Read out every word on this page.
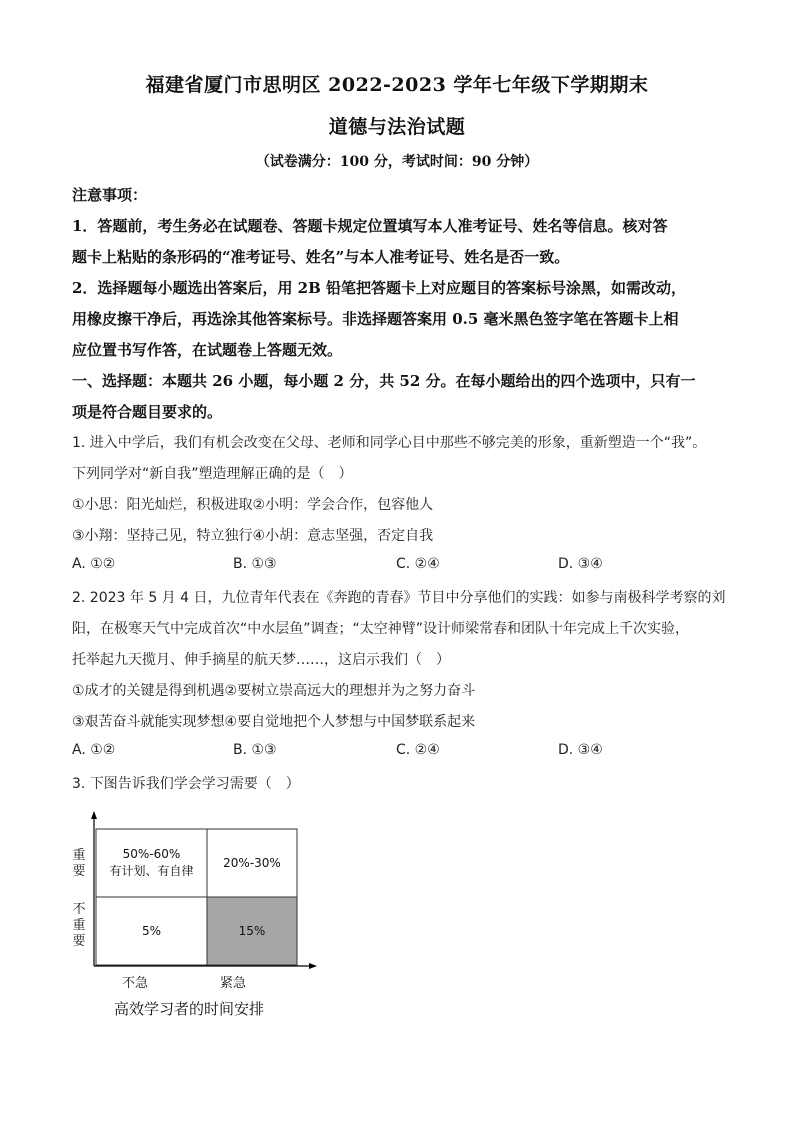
福建省厦门市思明区 2022-2023 学年七年级下学期期末
道德与法治试题
（试卷满分：100 分，考试时间：90 分钟）
注意事项：
1．答题前，考生务必在试题卷、答题卡规定位置填写本人准考证号、姓名等信息。核对答
题卡上粘贴的条形码的“准考证号、姓名”与本人准考证号、姓名是否一致。
2．选择题每小题选出答案后，用 2B 铅笔把答题卡上对应题目的答案标号涂黑，如需改动，
用橡皮擦干净后，再选涂其他答案标号。非选择题答案用 0.5 毫米黑色签字笔在答题卡上相
应位置书写作答，在试题卷上答题无效。
一、选择题：本题共 26 小题，每小题 2 分，共 52 分。在每小题给出的四个选项中，只有一
项是符合题目要求的。
1. 进入中学后，我们有机会改变在父母、老师和同学心目中那些不够完美的形象，重新塑造一个“我”。
下列同学对“新自我”塑造理解正确的是（　）
①小思：阳光灿烂，积极进取②小明：学会合作，包容他人
③小翔：坚持己见，特立独行④小胡：意志坚强，否定自我
A. ①②	B. ①③	C. ②④	D. ③④
2. 2023 年 5 月 4 日，九位青年代表在《奔跑的青春》节目中分享他们的实践：如参与南极科学考察的刘
阳，在极寒天气中完成首次“中水层鱼”调查；“太空神臂”设计师梁常春和团队十年完成上千次实验，
托举起九天揽月、伸手摘星的航天梦……，这启示我们（　）
①成才的关键是得到机遇②要树立崇高远大的理想并为之努力奋斗
③艰苦奋斗就能实现梦想④要自觉地把个人梦想与中国梦联系起来
A. ①②	B. ①③	C. ②④	D. ③④
3. 下图告诉我们学会学习需要（　）
重
要
不
重
要
50%-60%
有计划、有自律
20%-30%
5%	15%
不急	紧急
高效学习者的时间安排
